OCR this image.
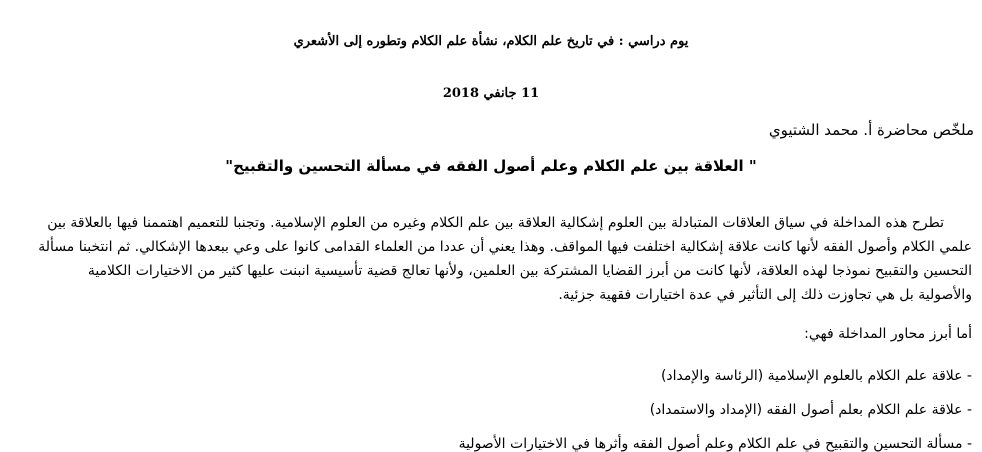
يوم دراسي : في تاريخ علم الكلام، نشأة علم الكلام وتطوره إلى الأشعري
11 جانفي 2018
ملخّص محاضرة أ. محمد الشتيوي
" العلاقة بين علم الكلام وعلم أصول الفقه في مسألة التحسين والتقبيح"
تطرح هذه المداخلة في سياق العلاقات المتبادلة بين العلوم إشكالية العلاقة بين علم الكلام وغيره من العلوم الإسلامية. وتجنبا للتعميم اهتممنا فيها بالعلاقة بين
علمي الكلام وأصول الفقه لأنها كانت علاقة إشكالية اختلفت فيها المواقف. وهذا يعني أن عددا من العلماء القدامى كانوا على وعي ببعدها الإشكالي. ثم انتخبنا مسألة
التحسين والتقبيح نموذجا لهذه العلاقة، لأنها كانت من أبرز القضايا المشتركة بين العلمين، ولأنها تعالج قضية تأسيسية انبنت عليها كثير من الاختيارات الكلامية
والأصولية بل هي تجاوزت ذلك إلى التأثير في عدة اختيارات فقهية جزئية.
أما أبرز محاور المداخلة فهي:
- علاقة علم الكلام بالعلوم الإسلامية (الرئاسة والإمداد)
- علاقة علم الكلام بعلم أصول الفقه (الإمداد والاستمداد)
- مسألة التحسين والتقبيح في علم الكلام وعلم أصول الفقه وأثرها في الاختيارات الأصولية
